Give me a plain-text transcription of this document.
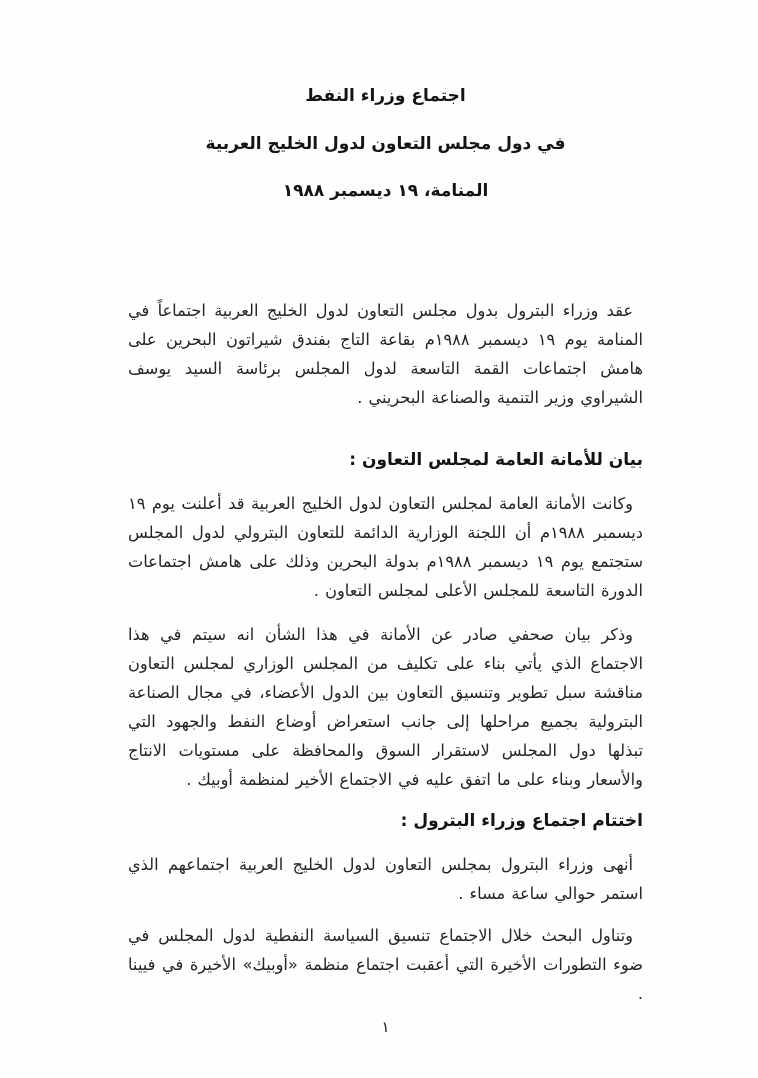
اجتماع وزراء النفط
في دول مجلس التعاون لدول الخليج العربية
المنامة، ١٩ ديسمبر ١٩٨٨
عقد وزراء البترول بدول مجلس التعاون لدول الخليج العربية اجتماعاً في المنامة يوم ١٩ ديسمبر ١٩٨٨م بقاعة التاج بفندق شيراتون البحرين على هامش اجتماعات القمة التاسعة لدول المجلس برئاسة السيد يوسف الشيراوي وزير التنمية والصناعة البحريني .
بيان للأمانة العامة لمجلس التعاون :
وكانت الأمانة العامة لمجلس التعاون لدول الخليج العربية قد أعلنت يوم ١٩ ديسمبر ١٩٨٨م أن اللجنة الوزارية الدائمة للتعاون البترولي لدول المجلس ستجتمع يوم ١٩ ديسمبر ١٩٨٨م بدولة البحرين وذلك على هامش اجتماعات الدورة التاسعة للمجلس الأعلى لمجلس التعاون .
وذكر بيان صحفي صادر عن الأمانة في هذا الشأن انه سيتم في هذا الاجتماع الذي يأتي بناء على تكليف من المجلس الوزاري لمجلس التعاون مناقشة سبل تطوير وتنسيق التعاون بين الدول الأعضاء، في مجال الصناعة البترولية بجميع مراحلها إلى جانب استعراض أوضاع النفط والجهود التي تبذلها دول المجلس لاستقرار السوق والمحافظة على مستويات الانتاج والأسعار وبناء على ما اتفق عليه في الاجتماع الأخير لمنظمة أوبيك .
اختتام اجتماع وزراء البترول :
أنهى وزراء البترول بمجلس التعاون لدول الخليج العربية اجتماعهم الذي استمر حوالي ساعة مساء .
وتناول البحث خلال الاجتماع تنسيق السياسة النفطية لدول المجلس في ضوء التطورات الأخيرة التي أعقبت اجتماع منظمة «أوبيك» الأخيرة في فيينا .
١
